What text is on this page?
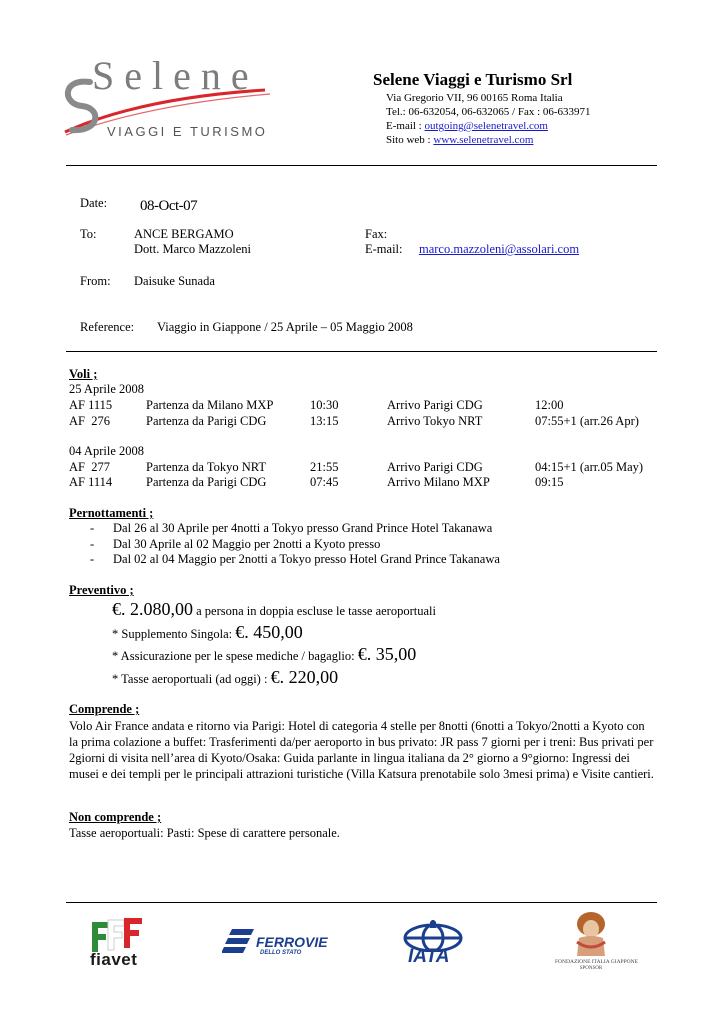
Selene
VIAGGI E TURISMO
Selene Viaggi e Turismo Srl
Via Gregorio VII, 96 00165 Roma Italia
Tel.: 06-632054, 06-632065 / Fax : 06-633971
E-mail : outgoing@selenetravel.com
Sito web : www.selenetravel.com
Date: 08-Oct-07
To:	ANCE BERGAMO
Dott. Marco Mazzoleni
Fax:
E-mail: marco.mazzoleni@assolari.com
From: Daisuke Sunada
Reference: Viaggio in Giappone / 25 Aprile – 05 Maggio 2008
Voli ;
25 Aprile 2008
AF 1115	Partenza da Milano MXP	10:30	Arrivo Parigi CDG	12:00
AF  276	Partenza da Parigi CDG	13:15	Arrivo Tokyo NRT	07:55+1 (arr.26 Apr)
04 Aprile 2008
AF  277	Partenza da Tokyo NRT	21:55	Arrivo Parigi CDG	04:15+1 (arr.05 May)
AF 1114	Partenza da Parigi CDG	07:45	Arrivo Milano MXP	09:15
Pernottamenti ;
- Dal 26 al 30 Aprile per 4notti a Tokyo presso Grand Prince Hotel Takanawa
- Dal 30 Aprile al 02 Maggio per 2notti a Kyoto presso
- Dal 02 al 04 Maggio per 2notti a Tokyo presso Hotel Grand Prince Takanawa
Preventivo ;
€. 2.080,00 a persona in doppia escluse le tasse aeroportuali
* Supplemento Singola: €. 450,00
* Assicurazione per le spese mediche / bagaglio: €. 35,00
* Tasse aeroportuali (ad oggi) : €. 220,00
Comprende ;
Volo Air France andata e ritorno via Parigi: Hotel di categoria 4 stelle per 8notti (6notti a Tokyo/2notti a Kyoto con la prima colazione a buffet: Trasferimenti da/per aeroporto in bus privato: JR pass 7 giorni per i treni: Bus privati per 2giorni di visita nell’area di Kyoto/Osaka: Guida parlante in lingua italiana da 2° giorno a 9°giorno: Ingressi dei musei e dei templi per le principali attrazioni turistiche (Villa Katsura prenotabile solo 3mesi prima) e Visite cantieri.
Non comprende ;
Tasse aeroportuali: Pasti: Spese di carattere personale.
fiavet
FERROVIE
DELLO STATO	IATA	FONDAZIONE ITALIA GIAPPONE
SPONSOR
